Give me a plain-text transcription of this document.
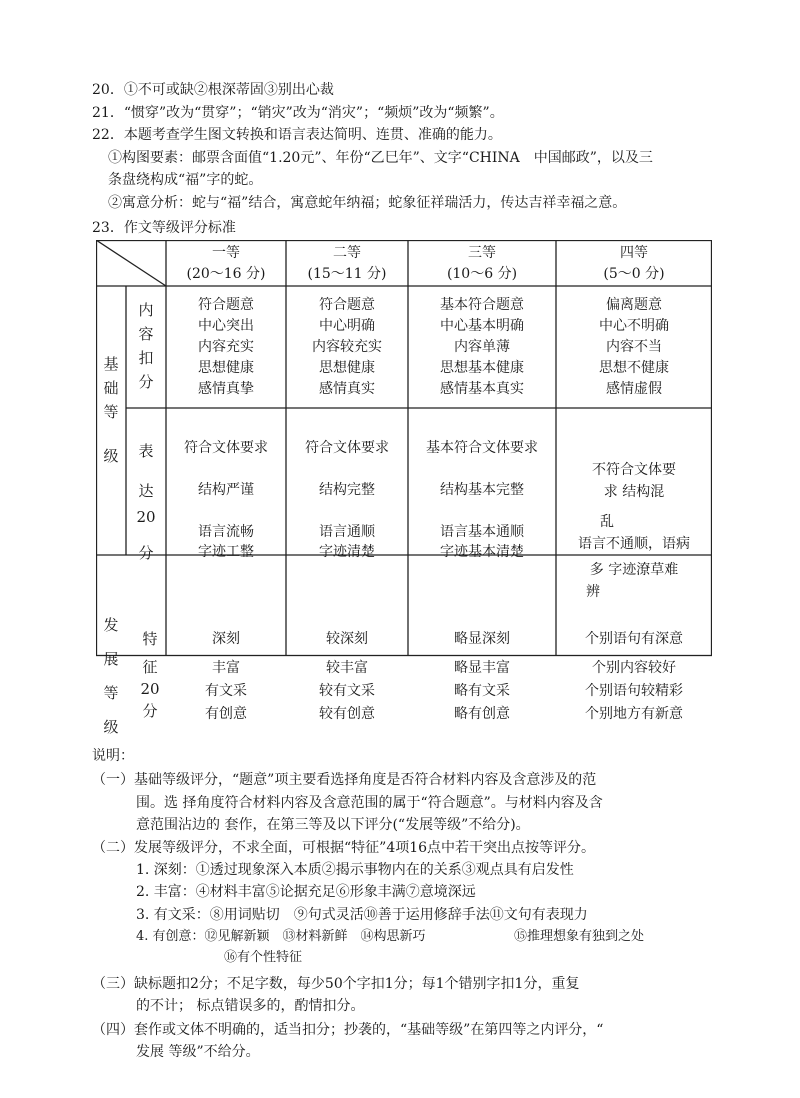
20．①不可或缺②根深蒂固③别出心裁
21．“惯穿”改为“贯穿”；“销灾”改为“消灾”；“频烦”改为“频繁”。
22．本题考查学生图文转换和语言表达简明、连贯、准确的能力。
①构图要素：邮票含面值“1.20元”、年份“乙巳年”、文字“CHINA　中国邮政”，以及三
条盘绕构成“福”字的蛇。
②寓意分析：蛇与“福”结合，寓意蛇年纳福；蛇象征祥瑞活力，传达吉祥幸福之意。
23．作文等级评分标准
一等
(20～16 分)
二等
(15～11 分)
三等
(10～6 分)
四等
(5～0 分)
基
础
等
级
内
容
扣
分
符合题意
中心突出
内容充实
思想健康
感情真挚
符合题意
中心明确
内容较充实
思想健康
感情真实
基本符合题意
中心基本明确
内容单薄
思想基本健康
感情基本真实
偏离题意
中心不明确
内容不当
思想不健康
感情虚假
表
达
20
分
符合文体要求
结构严谨
语言流畅
字迹工整
符合文体要求
结构完整
语言通顺
字迹清楚
基本符合文体要求
结构基本完整
语言基本通顺
字迹基本清楚
不符合文体要
求 结构混
乱
语言不通顺，语病
多 字迹潦草难
辨
发
展
等
级
特
征
20
分
深刻
丰富
有文采
有创意
较深刻
较丰富
较有文采
较有创意
略显深刻
略显丰富
略有文采
略有创意
个别语句有深意
个别内容较好
个别语句较精彩
个别地方有新意
说明：
（一）基础等级评分，“题意”项主要看选择角度是否符合材料内容及含意涉及的范
围。选 择角度符合材料内容及含意范围的属于“符合题意”。与材料内容及含
意范围沾边的 套作，在第三等及以下评分(“发展等级”不给分)。
（二）发展等级评分，不求全面，可根据“特征”4项16点中若干突出点按等评分。
1. 深刻：①透过现象深入本质②揭示事物内在的关系③观点具有启发性
2. 丰富：④材料丰富⑤论据充足⑥形象丰满⑦意境深远
3. 有文采：⑧用词贴切　⑨句式灵活⑩善于运用修辞手法⑪文句有表现力
4. 有创意：⑫见解新颖　⑬材料新鲜　⑭构思新巧	⑮推理想象有独到之处
⑯有个性特征
（三）缺标题扣2分；不足字数，每少50个字扣1分；每1个错别字扣1分，重复
的不计； 标点错误多的，酌情扣分。
（四）套作或文体不明确的，适当扣分；抄袭的，“基础等级”在第四等之内评分，“
发展 等级”不给分。
